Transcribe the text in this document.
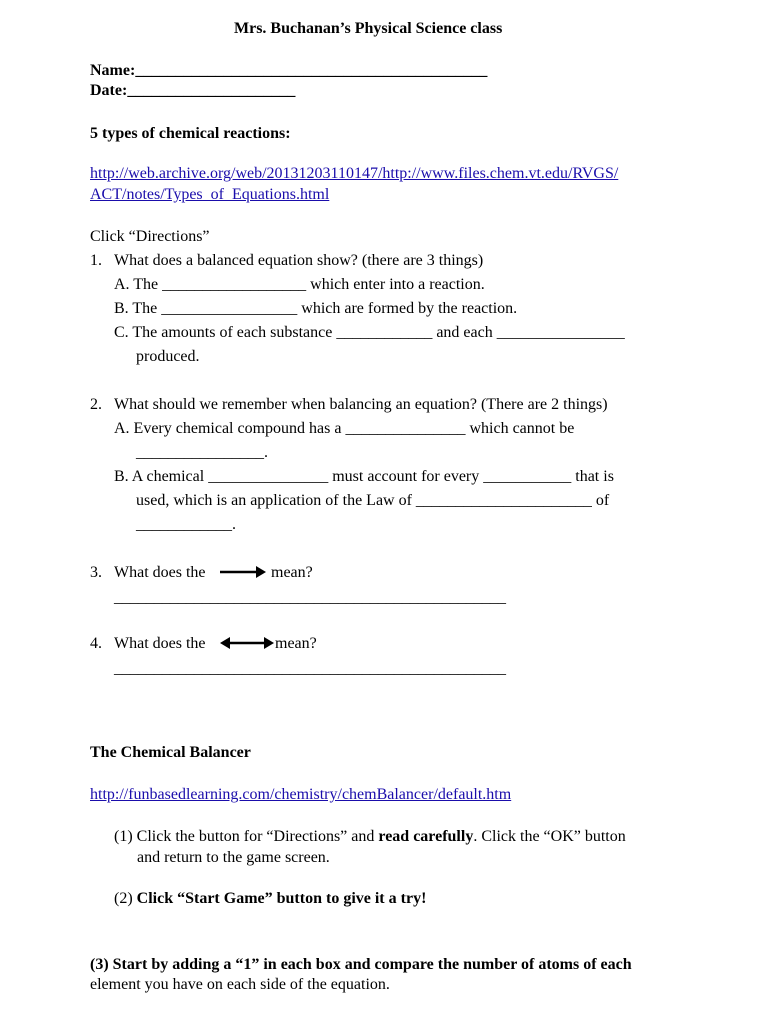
Mrs. Buchanan’s Physical Science class
Name:____________________________________________
Date:_____________________
5 types of chemical reactions:
http://web.archive.org/web/20131203110147/http://www.files.chem.vt.edu/RVGS/
ACT/notes/Types_of_Equations.html
Click “Directions”
1. What does a balanced equation show? (there are 3 things)
A. The __________________ which enter into a reaction.
B. The _________________ which are formed by the reaction.
C. The amounts of each substance ____________ and each ________________
produced.
2. What should we remember when balancing an equation? (There are 2 things)
A. Every chemical compound has a _______________ which cannot be
________________.
B. A chemical _______________ must account for every ___________ that is
used, which is an application of the Law of ______________________ of
____________.
3. What does the	mean?
_________________________________________________
4. What does the	mean?
_________________________________________________
The Chemical Balancer
http://funbasedlearning.com/chemistry/chemBalancer/default.htm
(1) Click the button for “Directions” and read carefully. Click the “OK” button
and return to the game screen.
(2) Click “Start Game” button to give it a try!
(3) Start by adding a “1” in each box and compare the number of atoms of each
element you have on each side of the equation.
